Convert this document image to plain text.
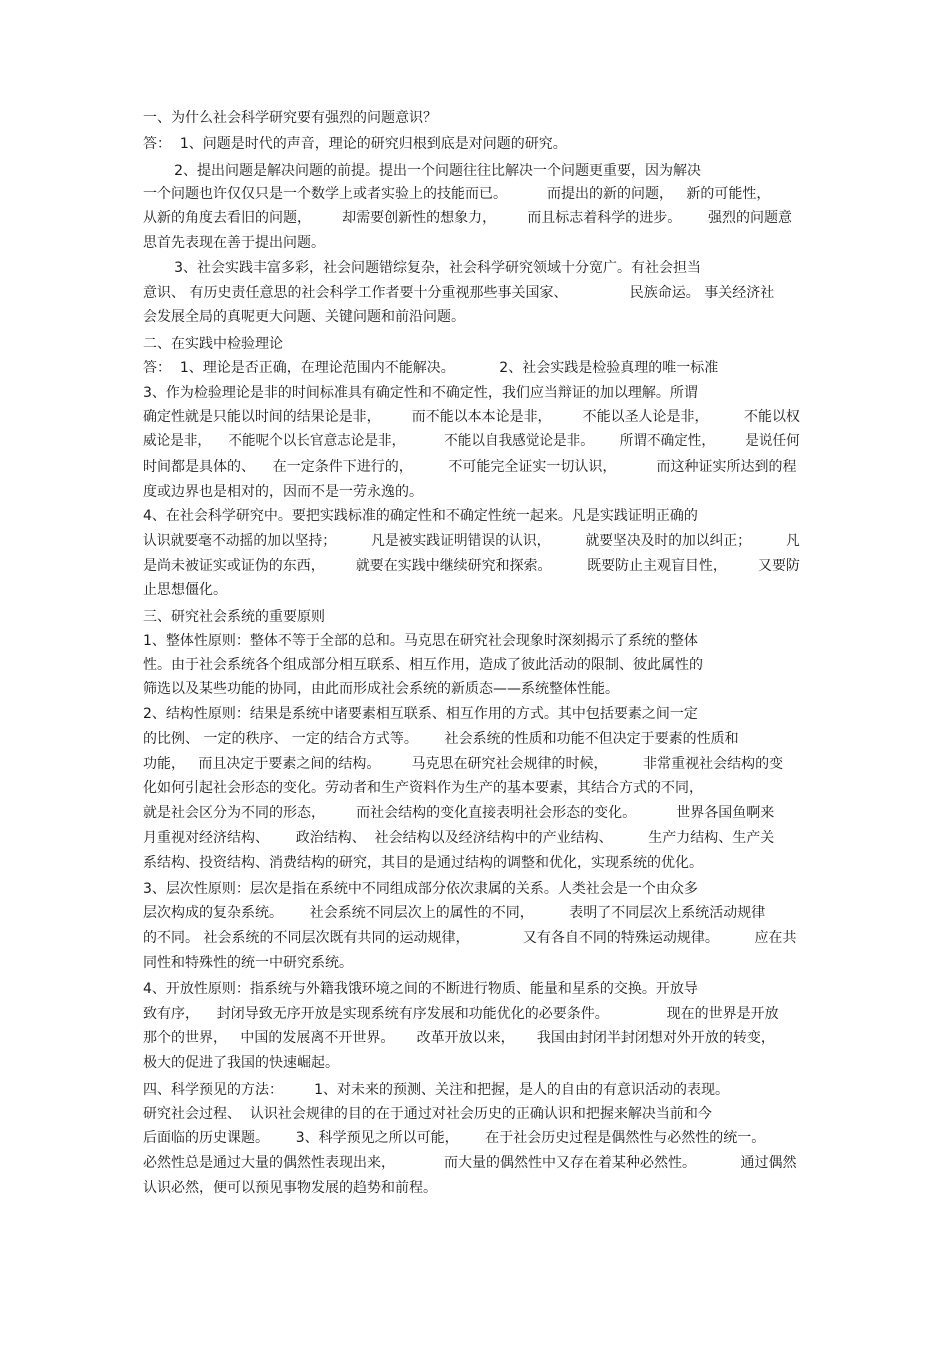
一、为什么社会科学研究要有强烈的问题意识？

答：  1、问题是时代的声音，理论的研究归根到底是对问题的研究。

2、提出问题是解决问题的前提。提出一个问题往往比解决一个问题更重要，因为解决

一个问题也许仅仅只是一个数学上或者实验上的技能而已。         而提出的新的问题，   新的可能性，

从新的角度去看旧的问题，       却需要创新性的想象力，       而且标志着科学的进步。      强烈的问题意

思首先表现在善于提出问题。

3、社会实践丰富多彩，社会问题错综复杂，社会科学研究领域十分宽广。有社会担当

意识、 有历史责任意思的社会科学工作者要十分重视那些事关国家、              民族命运。 事关经济社

会发展全局的真呢更大问题、关键问题和前沿问题。

二、在实践中检验理论

答：  1、理论是否正确，在理论范围内不能解决。          2、社会实践是检验真理的唯一标准

3、作为检验理论是非的时间标准具有确定性和不确定性，我们应当辩证的加以理解。所谓

确定性就是只能以时间的结果论是非，       而不能以本本论是非，       不能以圣人论是非，        不能以权

威论是非，    不能呢个以长官意志论是非，         不能以自我感觉论是非。      所谓不确定性，       是说任何

时间都是具体的、    在一定条件下进行的，        不可能完全证实一切认识，         而这种证实所达到的程

度或边界也是相对的，因而不是一劳永逸的。

4、在社会科学研究中。要把实践标准的确定性和不确定性统一起来。凡是实践证明正确的

认识就要毫不动摇的加以坚持；        凡是被实践证明错误的认识，        就要坚决及时的加以纠正；        凡

是尚未被证实或证伪的东西，       就要在实践中继续研究和探索。        既要防止主观盲目性，       又要防

止思想僵化。

三、研究社会系统的重要原则

1、整体性原则：整体不等于全部的总和。马克思在研究社会现象时深刻揭示了系统的整体

性。由于社会系统各个组成部分相互联系、相互作用，造成了彼此活动的限制、彼此属性的

筛选以及某些功能的协同，由此而形成社会系统的新质态——系统整体性能。

2、结构性原则：结果是系统中诸要素相互联系、相互作用的方式。其中包括要素之间一定

的比例、 一定的秩序、 一定的结合方式等。      社会系统的性质和功能不但决定于要素的性质和

功能，   而且决定于要素之间的结构。       马克思在研究社会规律的时候，        非常重视社会结构的变

化如何引起社会形态的变化。劳动者和生产资料作为生产的基本要素，其结合方式的不同，

就是社会区分为不同的形态，       而社会结构的变化直接表明社会形态的变化。         世界各国鱼啊来

月重视对经济结构、      政治结构、  社会结构以及经济结构中的产业结构、        生产力结构、生产关

系结构、投资结构、消费结构的研究，其目的是通过结构的调整和优化，实现系统的优化。

3、层次性原则：层次是指在系统中不同组成部分依次隶属的关系。人类社会是一个由众多

层次构成的复杂系统。      社会系统不同层次上的属性的不同，        表明了不同层次上系统活动规律

的不同。 社会系统的不同层次既有共同的运动规律，            又有各自不同的特殊运动规律。        应在共

同性和特殊性的统一中研究系统。

4、开放性原则：指系统与外籍我饿环境之间的不断进行物质、能量和星系的交换。开放导

致有序，    封闭导致无序开放是实现系统有序发展和功能优化的必要条件。             现在的世界是开放

那个的世界，   中国的发展离不开世界。     改革开放以来，     我国由封闭半封闭想对外开放的转变，

极大的促进了我国的快速崛起。

四、科学预见的方法：       1、对未来的预测、关注和把握，是人的自由的有意识活动的表现。

研究社会过程、  认识社会规律的目的在于通过对社会历史的正确认识和把握来解决当前和今

后面临的历史课题。      3、科学预见之所以可能，      在于社会历史过程是偶然性与必然性的统一。

必然性总是通过大量的偶然性表现出来，           而大量的偶然性中又存在着某种必然性。          通过偶然

认识必然，便可以预见事物发展的趋势和前程。
